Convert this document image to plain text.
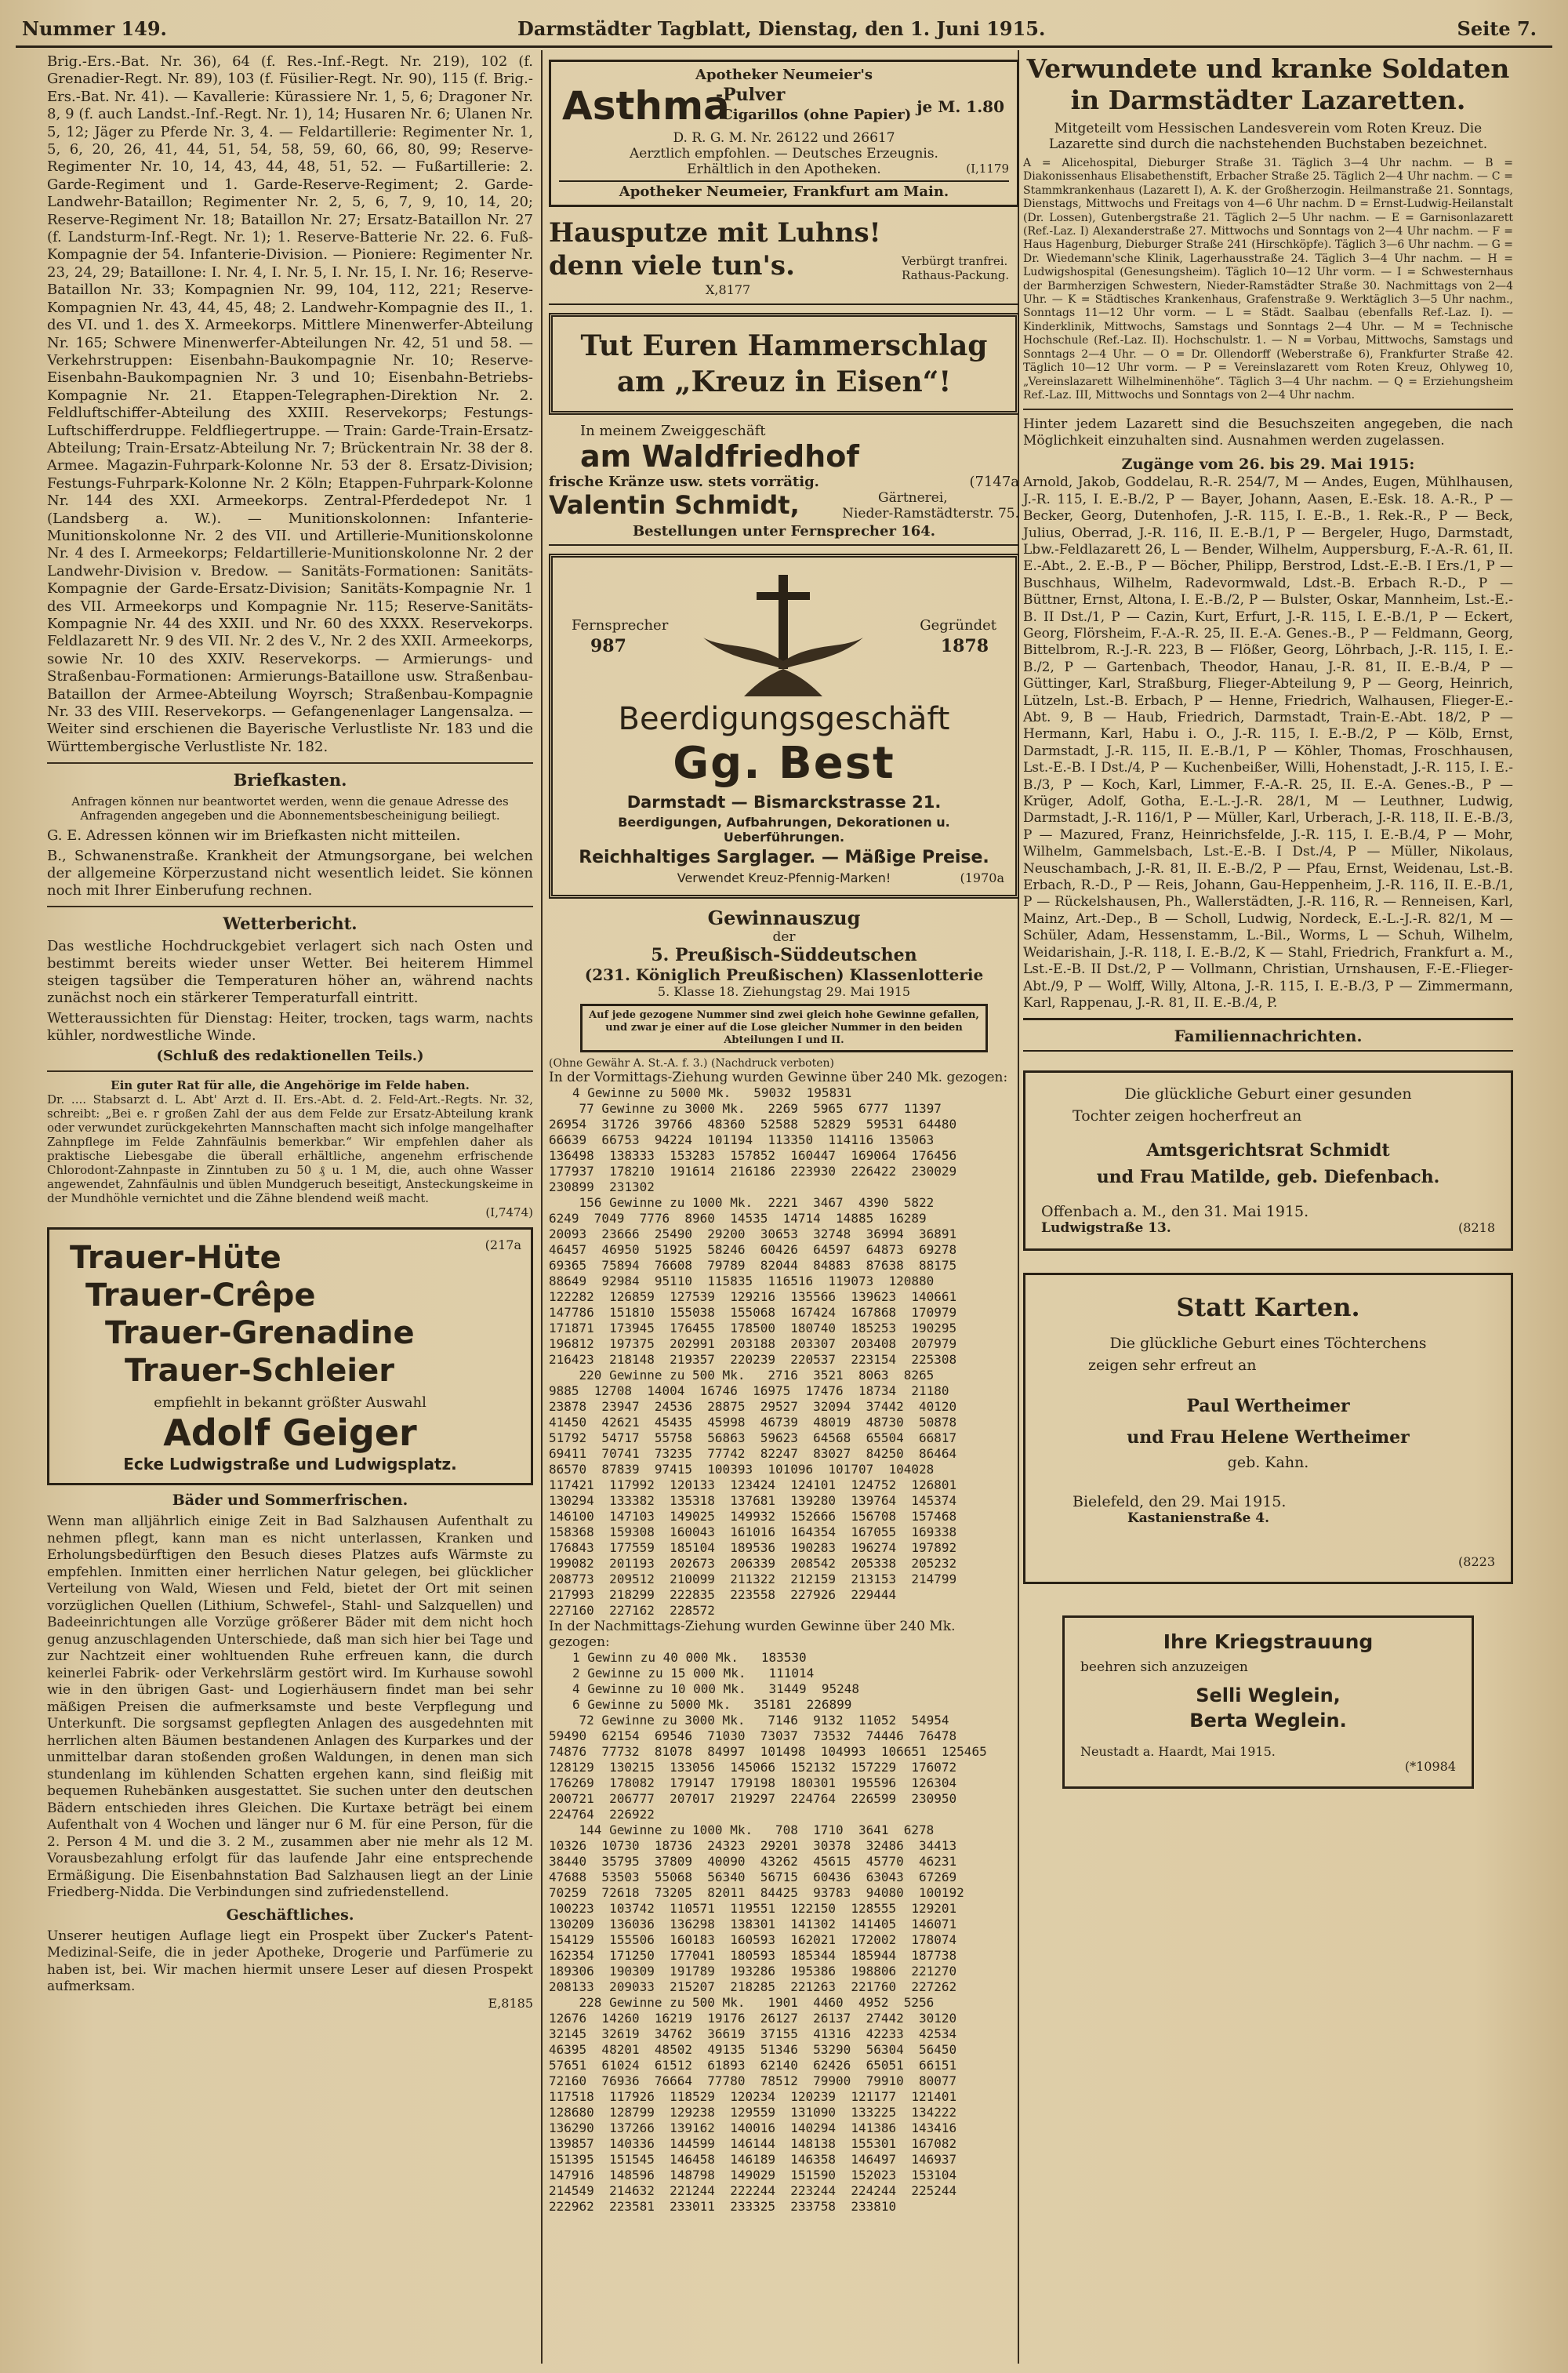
Nummer 149.	Darmstädter Tagblatt, Dienstag, den 1. Juni 1915.	Seite 7.

Brig.-Ers.-Bat. Nr. 36), 64 (f. Res.-Inf.-Regt. Nr. 219), 102 (f. Grenadier-Regt. Nr. 89), 103 (f. Füsilier-Regt. Nr. 90), 115 (f. Brig.-Ers.-Bat. Nr. 41). — Kavallerie: Kürassiere Nr. 1, 5, 6; Dragoner Nr. 8, 9 (f. auch Landst.-Inf.-Regt. Nr. 1), 14; Husaren Nr. 6; Ulanen Nr. 5, 12; Jäger zu Pferde Nr. 3, 4. — Feldartillerie: Regimenter Nr. 1, 5, 6, 20, 26, 41, 44, 51, 54, 58, 59, 60, 66, 80, 99; Reserve-Regimenter Nr. 10, 14, 43, 44, 48, 51, 52. — Fußartillerie: 2. Garde-Regiment und 1. Garde-Reserve-Regiment; 2. Garde-Landwehr-Bataillon; Regimenter Nr. 2, 5, 6, 7, 9, 10, 14, 20; Reserve-Regiment Nr. 18; Bataillon Nr. 27; Ersatz-Bataillon Nr. 27 (f. Landsturm-Inf.-Regt. Nr. 1); 1. Reserve-Batterie Nr. 22. 6. Fuß-Kompagnie der 54. Infanterie-Division. — Pioniere: Regimenter Nr. 23, 24, 29; Bataillone: I. Nr. 4, I. Nr. 5, I. Nr. 15, I. Nr. 16; Reserve-Bataillon Nr. 33; Kompagnien Nr. 99, 104, 112, 221; Reserve-Kompagnien Nr. 43, 44, 45, 48; 2. Landwehr-Kompagnie des II., 1. des VI. und 1. des X. Armeekorps. Mittlere Minenwerfer-Abteilung Nr. 165; Schwere Minenwerfer-Abteilungen Nr. 42, 51 und 58. — Verkehrstruppen: Eisenbahn-Baukompagnie Nr. 10; Reserve-Eisenbahn-Baukompagnien Nr. 3 und 10; Eisenbahn-Betriebs-Kompagnie Nr. 21. Etappen-Telegraphen-Direktion Nr. 2. Feldluftschiffer-Abteilung des XXIII. Reservekorps; Festungs-Luftschifferdruppe. Feldfliegertruppe. — Train: Garde-Train-Ersatz-Abteilung; Train-Ersatz-Abteilung Nr. 7; Brückentrain Nr. 38 der 8. Armee. Magazin-Fuhrpark-Kolonne Nr. 53 der 8. Ersatz-Division; Festungs-Fuhrpark-Kolonne Nr. 2 Köln; Etappen-Fuhrpark-Kolonne Nr. 144 des XXI. Armeekorps. Zentral-Pferdedepot Nr. 1 (Landsberg a. W.). — Munitionskolonnen: Infanterie-Munitionskolonne Nr. 2 des VII. und Artillerie-Munitionskolonne Nr. 4 des I. Armeekorps; Feldartillerie-Munitionskolonne Nr. 2 der Landwehr-Division v. Bredow. — Sanitäts-Formationen: Sanitäts-Kompagnie der Garde-Ersatz-Division; Sanitäts-Kompagnie Nr. 1 des VII. Armeekorps und Kompagnie Nr. 115; Reserve-Sanitäts-Kompagnie Nr. 44 des XXII. und Nr. 60 des XXXX. Reservekorps. Feldlazarett Nr. 9 des VII. Nr. 2 des V., Nr. 2 des XXII. Armeekorps, sowie Nr. 10 des XXIV. Reservekorps. — Armierungs- und Straßenbau-Formationen: Armierungs-Bataillone usw. Straßenbau-Bataillon der Armee-Abteilung Woyrsch; Straßenbau-Kompagnie Nr. 33 des VIII. Reservekorps. — Gefangenenlager Langensalza. — Weiter sind erschienen die Bayerische Verlustliste Nr. 183 und die Württembergische Verlustliste Nr. 182.

Briefkasten.

Anfragen können nur beantwortet werden, wenn die genaue Adresse des Anfragenden angegeben und die Abonnementsbescheinigung beiliegt.

G. E. Adressen können wir im Briefkasten nicht mitteilen.

B., Schwanenstraße. Krankheit der Atmungsorgane, bei welchen der allgemeine Körperzustand nicht wesentlich leidet. Sie können noch mit Ihrer Einberufung rechnen.

Wetterbericht.

Das westliche Hochdruckgebiet verlagert sich nach Osten und bestimmt bereits wieder unser Wetter. Bei heiterem Himmel steigen tagsüber die Temperaturen höher an, während nachts zunächst noch ein stärkerer Temperaturfall eintritt.

Wetteraussichten für Dienstag: Heiter, trocken, tags warm, nachts kühler, nordwestliche Winde.

(Schluß des redaktionellen Teils.)
Ein guter Rat für alle, die Angehörige im Felde haben.

Dr. .... Stabsarzt d. L. Abt' Arzt d. II. Ers.-Abt. d. 2. Feld-Art.-Regts. Nr. 32, schreibt: „Bei e. r großen Zahl der aus dem Felde zur Ersatz-Abteilung krank oder verwundet zurückgekehrten Mannschaften macht sich infolge mangelhafter Zahnpflege im Felde Zahnfäulnis bemerkbar.“ Wir empfehlen daher als praktische Liebesgabe die überall erhältliche, angenehm erfrischende Chlorodont-Zahnpaste in Zinntuben zu 50 ₰ u. 1 M, die, auch ohne Wasser angewendet, Zahnfäulnis und üblen Mundgeruch beseitigt, Ansteckungskeime in der Mundhöhle vernichtet und die Zähne blendend weiß macht.

(I,7474)
(217a
Trauer-Hüte
Trauer-Crêpe
Trauer-Grenadine
Trauer-Schleier
empfiehlt in bekannt größter Auswahl
Adolf Geiger
Ecke Ludwigstraße und Ludwigsplatz.
Bäder und Sommerfrischen.

Wenn man alljährlich einige Zeit in Bad Salzhausen Aufenthalt zu nehmen pflegt, kann man es nicht unterlassen, Kranken und Erholungsbedürftigen den Besuch dieses Platzes aufs Wärmste zu empfehlen. Inmitten einer herrlichen Natur gelegen, bei glücklicher Verteilung von Wald, Wiesen und Feld, bietet der Ort mit seinen vorzüglichen Quellen (Lithium, Schwefel-, Stahl- und Salzquellen) und Badeeinrichtungen alle Vorzüge größerer Bäder mit dem nicht hoch genug anzuschlagenden Unterschiede, daß man sich hier bei Tage und zur Nachtzeit einer wohltuenden Ruhe erfreuen kann, die durch keinerlei Fabrik- oder Verkehrslärm gestört wird. Im Kurhause sowohl wie in den übrigen Gast- und Logierhäusern findet man bei sehr mäßigen Preisen die aufmerksamste und beste Verpflegung und Unterkunft. Die sorgsamst gepflegten Anlagen des ausgedehnten mit herrlichen alten Bäumen bestandenen Anlagen des Kurparkes und der unmittelbar daran stoßenden großen Waldungen, in denen man sich stundenlang im kühlenden Schatten ergehen kann, sind fleißig mit bequemen Ruhebänken ausgestattet. Sie suchen unter den deutschen Bädern entschieden ihres Gleichen. Die Kurtaxe beträgt bei einem Aufenthalt von 4 Wochen und länger nur 6 M. für eine Person, für die 2. Person 4 M. und die 3. 2 M., zusammen aber nie mehr als 12 M. Vorausbezahlung erfolgt für das laufende Jahr eine entsprechende Ermäßigung. Die Eisenbahnstation Bad Salzhausen liegt an der Linie Friedberg-Nidda. Die Verbindungen sind zufriedenstellend.

Geschäftliches.

Unserer heutigen Auflage liegt ein Prospekt über Zucker's Patent-Medizinal-Seife, die in jeder Apotheke, Drogerie und Parfümerie zu haben ist, bei. Wir machen hiermit unsere Leser auf diesen Prospekt aufmerksam.

E,8185
Apotheker Neumeier's
Asthma
-Pulver
-Cigarillos (ohne Papier) je M. 1.80
D. R. G. M. Nr. 26122 und 26617
Aerztlich empfohlen. — Deutsches Erzeugnis.
Erhältlich in den Apotheken.	(I,1179
Apotheker Neumeier, Frankfurt am Main.
Hausputze mit Luhns!
denn viele tun's.	Verbürgt tranfrei. Rathaus-Packung.
X,8177
Tut Euren Hammerschlag
am „Kreuz in Eisen“!
In meinem Zweiggeschäft
am Waldfriedhof
frische Kränze usw. stets vorrätig.	(7147a
Valentin Schmidt,	Gärtnerei,
Nieder-Ramstädterstr. 75.
Bestellungen unter Fernsprecher 164.
Fernsprecher
987
Gegründet
1878
Beerdigungsgeschäft
Gg. Best
Darmstadt — Bismarckstrasse 21.
Beerdigungen, Aufbahrungen, Dekorationen u. Ueberführungen.
Reichhaltiges Sarglager. — Mäßige Preise.
Verwendet Kreuz-Pfennig-Marken!	(1970a
Gewinnauszug
der
5. Preußisch-Süddeutschen
(231. Königlich Preußischen) Klassenlotterie
5. Klasse 18. Ziehungstag 29. Mai 1915
Auf jede gezogene Nummer sind zwei gleich hohe Gewinne gefallen, und zwar je einer auf die Lose gleicher Nummer in den beiden Abteilungen I und II.
(Ohne Gewähr A. St.-A. f. 3.) (Nachdruck verboten)
In der Vormittags-Ziehung wurden Gewinne über 240 Mk. gezogen:
4 Gewinne zu 5000 Mk.   59032  195831
77 Gewinne zu 3000 Mk.   2269  5965  6777  11397
26954  31726  39766  48360  52588  52829  59531  64480
66639  66753  94224  101194  113350  114116  135063
136498  138333  153283  157852  160447  169064  176456
177937  178210  191614  216186  223930  226422  230029
230899  231302
156 Gewinne zu 1000 Mk.  2221  3467  4390  5822
6249  7049  7776  8960  14535  14714  14885  16289
20093  23666  25490  29200  30653  32748  36994  36891
46457  46950  51925  58246  60426  64597  64873  69278
69365  75894  76608  79789  82044  84883  87638  88175
88649  92984  95110  115835  116516  119073  120880
122282  126859  127539  129216  135566  139623  140661
147786  151810  155038  155068  167424  167868  170979
171871  173945  176455  178500  180740  185253  190295
196812  197375  202991  203188  203307  203408  207979
216423  218148  219357  220239  220537  223154  225308
220 Gewinne zu 500 Mk.   2716  3521  8063  8265
9885  12708  14004  16746  16975  17476  18734  21180
23878  23947  24536  28875  29527  32094  37442  40120
41450  42621  45435  45998  46739  48019  48730  50878
51792  54717  55758  56863  59623  64568  65504  66817
69411  70741  73235  77742  82247  83027  84250  86464
86570  87839  97415  100393  101096  101707  104028
117421  117992  120133  123424  124101  124752  126801
130294  133382  135318  137681  139280  139764  145374
146100  147103  149025  149932  152666  156708  157468
158368  159308  160043  161016  164354  167055  169338
176843  177559  185104  189536  190283  196274  197892
199082  201193  202673  206339  208542  205338  205232
208773  209512  210099  211322  212159  213153  214799
217993  218299  222835  223558  227926  229444
227160  227162  228572
In der Nachmittags-Ziehung wurden Gewinne über 240 Mk. gezogen:
1 Gewinn zu 40 000 Mk.   183530
2 Gewinne zu 15 000 Mk.   111014
4 Gewinne zu 10 000 Mk.   31449  95248
6 Gewinne zu 5000 Mk.   35181  226899
72 Gewinne zu 3000 Mk.   7146  9132  11052  54954
59490  62154  69546  71030  73037  73532  74446  76478
74876  77732  81078  84997  101498  104993  106651  125465
128129  130215  133056  145066  152132  157229  176072
176269  178082  179147  179198  180301  195596  126304
200721  206777  207017  219297  224764  226599  230950
224764  226922
144 Gewinne zu 1000 Mk.   708  1710  3641  6278
10326  10730  18736  24323  29201  30378  32486  34413
38440  35795  37809  40090  43262  45615  45770  46231
47688  53503  55068  56340  56715  60436  63043  67269
70259  72618  73205  82011  84425  93783  94080  100192
100223  103742  110571  119551  122150  128555  129201
130209  136036  136298  138301  141302  141405  146071
154129  155506  160183  160593  162021  172002  178074
162354  171250  177041  180593  185344  185944  187738
189306  190309  191789  193286  195386  198806  221270
208133  209033  215207  218285  221263  221760  227262
228 Gewinne zu 500 Mk.   1901  4460  4952  5256
12676  14260  16219  19176  26127  26137  27442  30120
32145  32619  34762  36619  37155  41316  42233  42534
46395  48201  48502  49135  51346  53290  56304  56450
57651  61024  61512  61893  62140  62426  65051  66151
72160  76936  76664  77780  78512  79900  79910  80077
117518  117926  118529  120234  120239  121177  121401
128680  128799  129238  129559  131090  133225  134222
136290  137266  139162  140016  140294  141386  143416
139857  140336  144599  146144  148138  155301  167082
151395  151545  146458  146189  146358  146497  146937
147916  148596  148798  149029  151590  152023  153104
214549  214632  221244  222244  223244  224244  225244
222962  223581  233011  233325  233758  233810
Verwundete und kranke Soldaten
in Darmstädter Lazaretten.

Mitgeteilt vom Hessischen Landesverein vom Roten Kreuz. Die Lazarette sind durch die nachstehenden Buchstaben bezeichnet.

A = Alicehospital, Dieburger Straße 31. Täglich 3—4 Uhr nachm. — B = Diakonissenhaus Elisabethenstift, Erbacher Straße 25. Täglich 2—4 Uhr nachm. — C = Stammkrankenhaus (Lazarett I), A. K. der Großherzogin. Heilmanstraße 21. Sonntags, Dienstags, Mittwochs und Freitags von 4—6 Uhr nachm. D = Ernst-Ludwig-Heilanstalt (Dr. Lossen), Gutenbergstraße 21. Täglich 2—5 Uhr nachm. — E = Garnisonlazarett (Ref.-Laz. I) Alexanderstraße 27. Mittwochs und Sonntags von 2—4 Uhr nachm. — F = Haus Hagenburg, Dieburger Straße 241 (Hirschköpfe). Täglich 3—6 Uhr nachm. — G = Dr. Wiedemann'sche Klinik, Lagerhausstraße 24. Täglich 3—4 Uhr nachm. — H = Ludwigshospital (Genesungsheim). Täglich 10—12 Uhr vorm. — I = Schwesternhaus der Barmherzigen Schwestern, Nieder-Ramstädter Straße 30. Nachmittags von 2—4 Uhr. — K = Städtisches Krankenhaus, Grafenstraße 9. Werktäglich 3—5 Uhr nachm., Sonntags 11—12 Uhr vorm. — L = Städt. Saalbau (ebenfalls Ref.-Laz. I). — Kinderklinik, Mittwochs, Samstags und Sonntags 2—4 Uhr. — M = Technische Hochschule (Ref.-Laz. II). Hochschulstr. 1. — N = Vorbau, Mittwochs, Samstags und Sonntags 2—4 Uhr. — O = Dr. Ollendorff (Weberstraße 6), Frankfurter Straße 42. Täglich 10—12 Uhr vorm. — P = Vereinslazarett vom Roten Kreuz, Ohlyweg 10, „Vereinslazarett Wilhelminenhöhe“. Täglich 3—4 Uhr nachm. — Q = Erziehungsheim Ref.-Laz. III, Mittwochs und Sonntags von 2—4 Uhr nachm.

Hinter jedem Lazarett sind die Besuchszeiten angegeben, die nach Möglichkeit einzuhalten sind. Ausnahmen werden zugelassen.

Zugänge vom 26. bis 29. Mai 1915:

Arnold, Jakob, Goddelau, R.-R. 254/7, M — Andes, Eugen, Mühlhausen, J.-R. 115, I. E.-B./2, P — Bayer, Johann, Aasen, E.-Esk. 18. A.-R., P — Becker, Georg, Dutenhofen, J.-R. 115, I. E.-B., 1. Rek.-R., P — Beck, Julius, Oberrad, J.-R. 116, II. E.-B./1, P — Bergeler, Hugo, Darmstadt, Lbw.-Feldlazarett 26, L — Bender, Wilhelm, Auppersburg, F.-A.-R. 61, II. E.-Abt., 2. E.-B., P — Böcher, Philipp, Berstrod, Ldst.-E.-B. I Ers./1, P — Buschhaus, Wilhelm, Radevormwald, Ldst.-B. Erbach R.-D., P — Büttner, Ernst, Altona, I. E.-B./2, P — Bulster, Oskar, Mannheim, Lst.-E.-B. II Dst./1, P — Cazin, Kurt, Erfurt, J.-R. 115, I. E.-B./1, P — Eckert, Georg, Flörsheim, F.-A.-R. 25, II. E.-A. Genes.-B., P — Feldmann, Georg, Bittelbrom, R.-J.-R. 223, B — Flößer, Georg, Löhrbach, J.-R. 115, I. E.-B./2, P — Gartenbach, Theodor, Hanau, J.-R. 81, II. E.-B./4, P — Güttinger, Karl, Straßburg, Flieger-Abteilung 9, P — Georg, Heinrich, Lützeln, Lst.-B. Erbach, P — Henne, Friedrich, Walhausen, Flieger-E.-Abt. 9, B — Haub, Friedrich, Darmstadt, Train-E.-Abt. 18/2, P — Hermann, Karl, Habu i. O., J.-R. 115, I. E.-B./2, P — Kölb, Ernst, Darmstadt, J.-R. 115, II. E.-B./1, P — Köhler, Thomas, Froschhausen, Lst.-E.-B. I Dst./4, P — Kuchenbeißer, Willi, Hohenstadt, J.-R. 115, I. E.-B./3, P — Koch, Karl, Limmer, F.-A.-R. 25, II. E.-A. Genes.-B., P — Krüger, Adolf, Gotha, E.-L.-J.-R. 28/1, M — Leuthner, Ludwig, Darmstadt, J.-R. 116/1, P — Müller, Karl, Urberach, J.-R. 118, II. E.-B./3, P — Mazured, Franz, Heinrichsfelde, J.-R. 115, I. E.-B./4, P — Mohr, Wilhelm, Gammelsbach, Lst.-E.-B. I Dst./4, P — Müller, Nikolaus, Neuschambach, J.-R. 81, II. E.-B./2, P — Pfau, Ernst, Weidenau, Lst.-B. Erbach, R.-D., P — Reis, Johann, Gau-Heppenheim, J.-R. 116, II. E.-B./1, P — Rückelshausen, Ph., Wallerstädten, J.-R. 116, R. — Renneisen, Karl, Mainz, Art.-Dep., B — Scholl, Ludwig, Nordeck, E.-L.-J.-R. 82/1, M — Schüler, Adam, Hessenstamm, L.-Bil., Worms, L — Schuh, Wilhelm, Weidarishain, J.-R. 118, I. E.-B./2, K — Stahl, Friedrich, Frankfurt a. M., Lst.-E.-B. II Dst./2, P — Vollmann, Christian, Urnshausen, F.-E.-Flieger-Abt./9, P — Wolff, Willy, Altona, J.-R. 115, I. E.-B./3, P — Zimmermann, Karl, Rappenau, J.-R. 81, II. E.-B./4, P.

Familiennachrichten.
Die glückliche Geburt einer gesunden
Tochter zeigen hocherfreut an
Amtsgerichtsrat Schmidt
und Frau Matilde, geb. Diefenbach.
Offenbach a. M., den 31. Mai 1915.
Ludwigstraße 13.	(8218
Statt Karten.
Die glückliche Geburt eines Töchterchens
zeigen sehr erfreut an
Paul Wertheimer
und Frau Helene Wertheimer
geb. Kahn.
Bielefeld, den 29. Mai 1915.
Kastanienstraße 4.
(8223
Ihre Kriegstrauung
beehren sich anzuzeigen
Selli Weglein,
Berta Weglein.
Neustadt a. Haardt, Mai 1915.
(*10984
